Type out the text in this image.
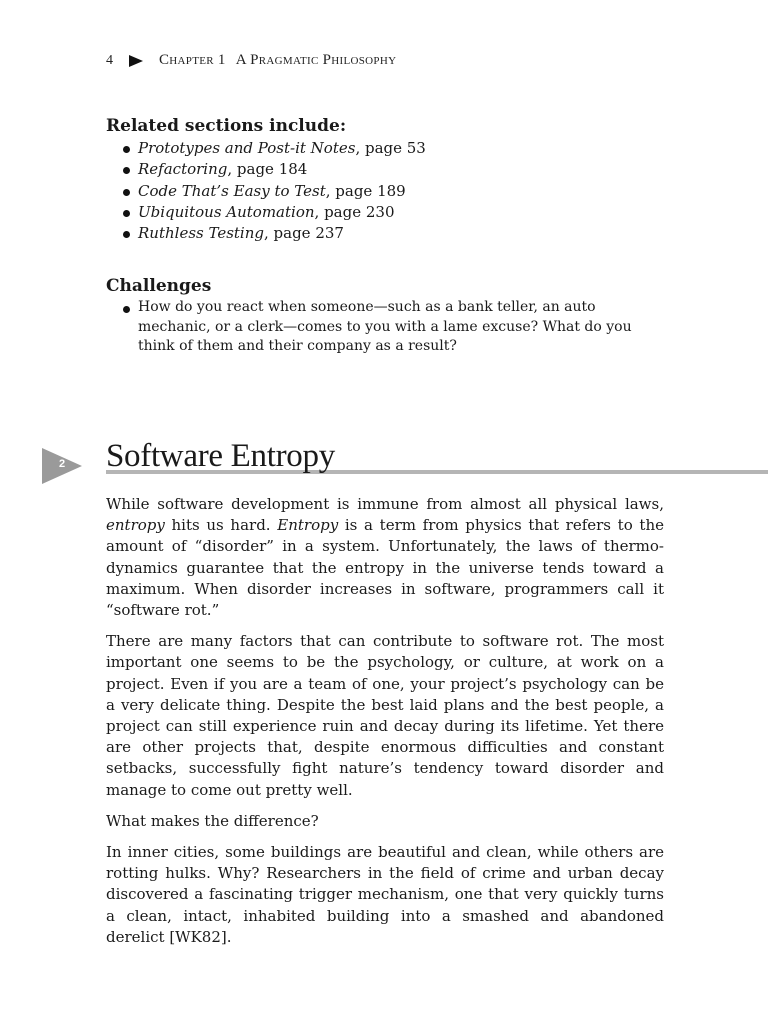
4	Chapter 1 A Pragmatic Philosophy
Related sections include:
Prototypes and Post-it Notes, page 53
Refactoring, page 184
Code That’s Easy to Test, page 189
Ubiquitous Automation, page 230
Ruthless Testing, page 237
Challenges
How do you react when someone—such as a bank teller, an auto mechanic, or a clerk—comes to you with a lame excuse? What do you think of them and their company as a result?
2 Software Entropy

While software development is immune from almost all physical laws, entropy hits us hard. Entropy is a term from physics that refers to the amount of “disorder” in a system. Unfortunately, the laws of thermodynamics guarantee that the entropy in the universe tends toward a maximum. When disorder increases in software, programmers call it “software rot.”

There are many factors that can contribute to software rot. The most important one seems to be the psychology, or culture, at work on a project. Even if you are a team of one, your project’s psychology can be a very delicate thing. Despite the best laid plans and the best people, a project can still experience ruin and decay during its lifetime. Yet there are other projects that, despite enormous difficulties and constant setbacks, successfully fight nature’s tendency toward disorder and manage to come out pretty well.

What makes the difference?

In inner cities, some buildings are beautiful and clean, while others are rotting hulks. Why? Researchers in the field of crime and urban decay discovered a fascinating trigger mechanism, one that very quickly turns a clean, intact, inhabited building into a smashed and abandoned derelict [WK82].
